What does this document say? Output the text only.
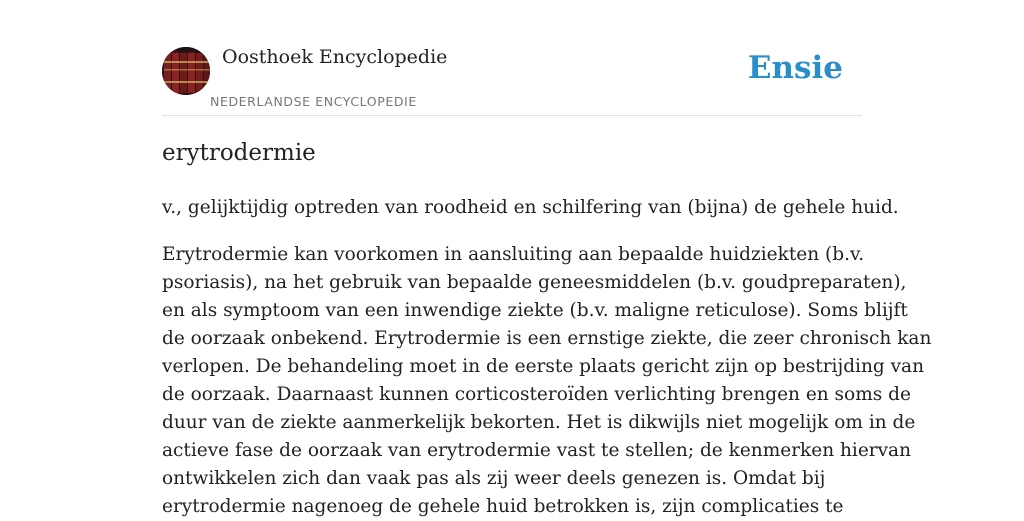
Oosthoek Encyclopedie
NEDERLANDSE ENCYCLOPEDIE
Ensie
erytrodermie

v., gelijktijdig optreden van roodheid en schilfering van (bijna) de gehele huid.

Erytrodermie kan voorkomen in aansluiting aan bepaalde huidziekten (b.v.
psoriasis), na het gebruik van bepaalde geneesmiddelen (b.v. goudpreparaten),
en als symptoom van een inwendige ziekte (b.v. maligne reticulose). Soms blijft
de oorzaak onbekend. Erytrodermie is een ernstige ziekte, die zeer chronisch kan
verlopen. De behandeling moet in de eerste plaats gericht zijn op bestrijding van
de oorzaak. Daarnaast kunnen corticosteroïden verlichting brengen en soms de
duur van de ziekte aanmerkelijk bekorten. Het is dikwijls niet mogelijk om in de
actieve fase de oorzaak van erytrodermie vast te stellen; de kenmerken hiervan
ontwikkelen zich dan vaak pas als zij weer deels genezen is. Omdat bij
erytrodermie nagenoeg de gehele huid betrokken is, zijn complicaties te
